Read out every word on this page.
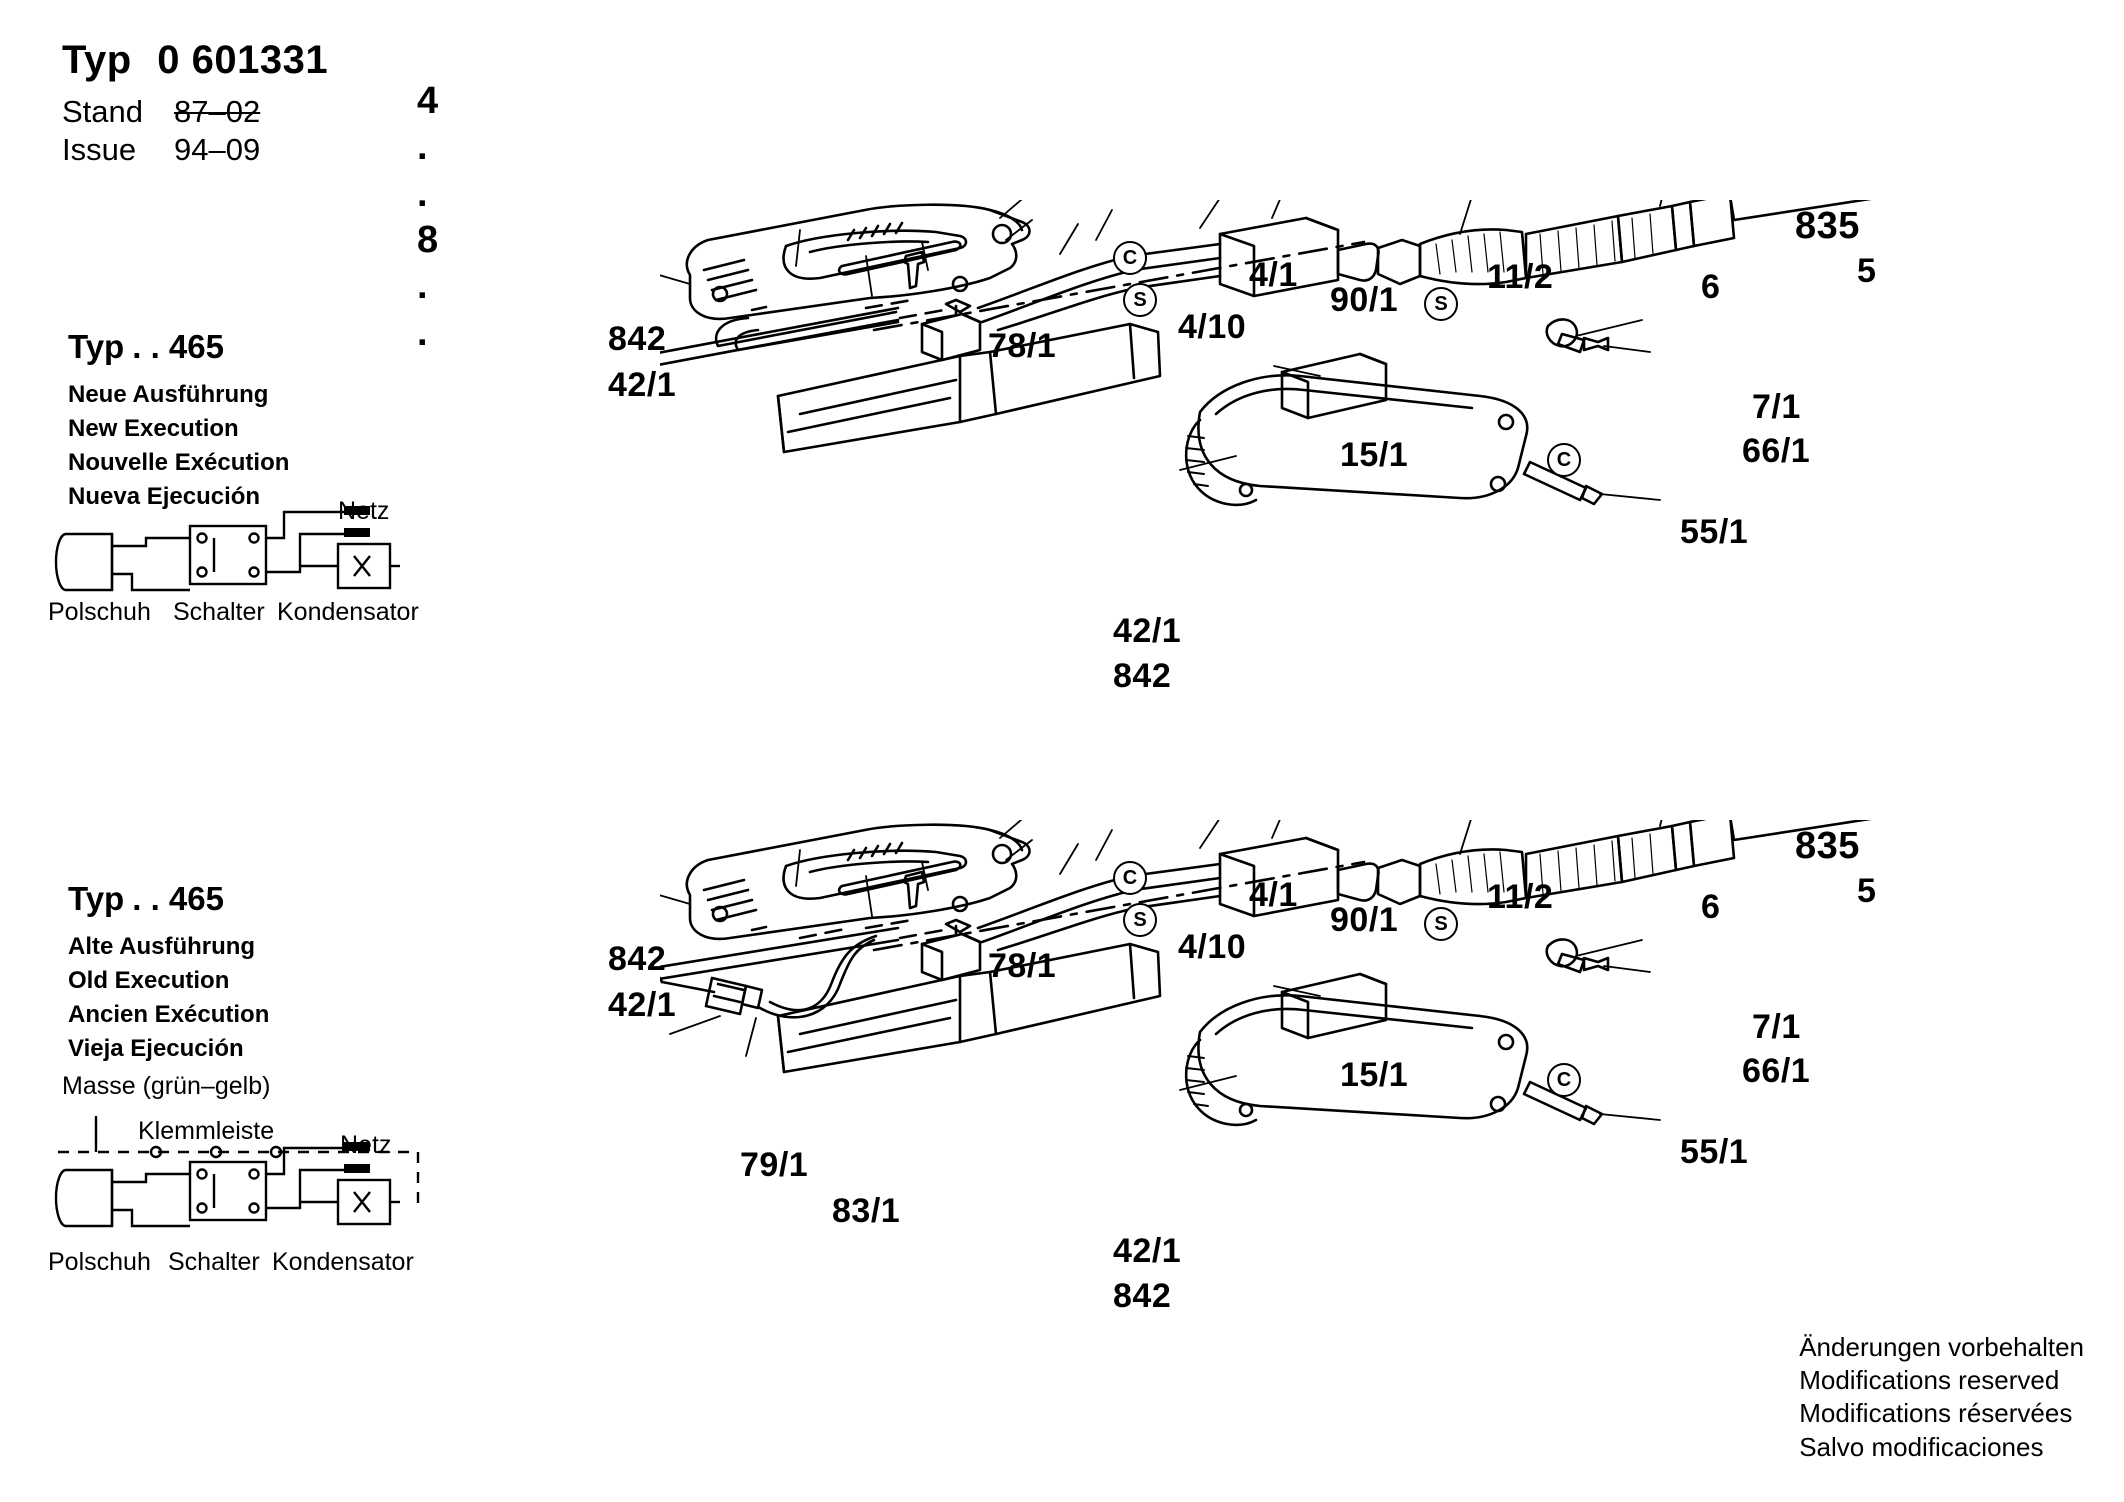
Typ 0 601331
4 . .
8 . .
Stand 87–02
Issue 94–09
Typ . . 465
Neue Ausführung
New Execution
Nouvelle Exécution
Nueva Ejecución
Netz
Polschuh Schalter Kondensator
Typ . . 465
Alte Ausführung
Old Execution
Ancien Exécution
Vieja Ejecución
Masse (grün–gelb)
Klemmleiste	Netz
Polschuh Schalter Kondensator
842
42/1
78/1	4/10
4/1
90/1
11/2	6
835
5
7/1
66/1
15/1
55/1
42/1
842
C
S	S
C
842
42/1
78/1	4/10
4/1
90/1
11/2	6
835
5
7/1
66/1
15/1
55/1
79/1
83/1
42/1
842
C
S	S
C
Änderungen vorbehalten
Modifications reserved
Modifications réservées
Salvo modificaciones
